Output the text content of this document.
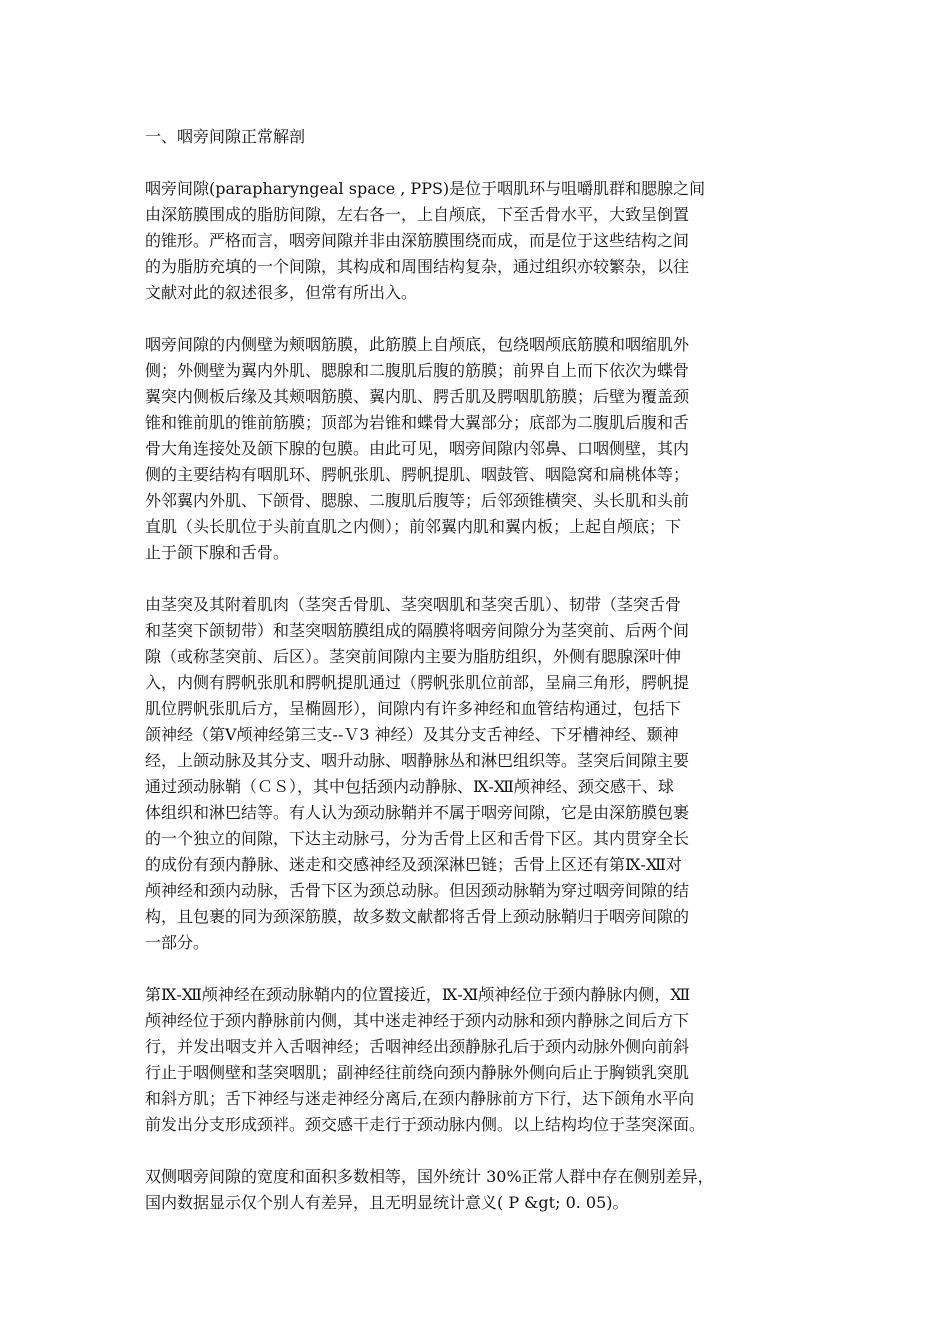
一、咽旁间隙正常解剖
咽旁间隙(parapharyngeal space , PPS)是位于咽肌环与咀嚼肌群和腮腺之间
由深筋膜围成的脂肪间隙，左右各一，上自颅底，下至舌骨水平，大致呈倒置
的锥形。严格而言，咽旁间隙并非由深筋膜围绕而成，而是位于这些结构之间
的为脂肪充填的一个间隙，其构成和周围结构复杂，通过组织亦较繁杂，以往
文献对此的叙述很多，但常有所出入。
咽旁间隙的内侧壁为颊咽筋膜，此筋膜上自颅底，包绕咽颅底筋膜和咽缩肌外
侧；外侧壁为翼内外肌、腮腺和二腹肌后腹的筋膜；前界自上而下依次为蝶骨
翼突内侧板后缘及其颊咽筋膜、翼内肌、腭舌肌及腭咽肌筋膜；后壁为覆盖颈
锥和锥前肌的锥前筋膜；顶部为岩锥和蝶骨大翼部分；底部为二腹肌后腹和舌
骨大角连接处及颌下腺的包膜。由此可见，咽旁间隙内邻鼻、口咽侧壁，其内
侧的主要结构有咽肌环、腭帆张肌、腭帆提肌、咽鼓管、咽隐窝和扁桃体等；
外邻翼内外肌、下颌骨、腮腺、二腹肌后腹等；后邻颈锥横突、头长肌和头前
直肌（头长肌位于头前直肌之内侧）；前邻翼内肌和翼内板；上起自颅底；下
止于颌下腺和舌骨。
由茎突及其附着肌肉（茎突舌骨肌、茎突咽肌和茎突舌肌）、韧带（茎突舌骨
和茎突下颌韧带）和茎突咽筋膜组成的隔膜将咽旁间隙分为茎突前、后两个间
隙（或称茎突前、后区）。茎突前间隙内主要为脂肪组织，外侧有腮腺深叶伸
入，内侧有腭帆张肌和腭帆提肌通过（腭帆张肌位前部，呈扁三角形，腭帆提
肌位腭帆张肌后方，呈椭圆形），间隙内有许多神经和血管结构通过，包括下
颌神经（第Ⅴ颅神经第三支--Ｖ3 神经）及其分支舌神经、下牙槽神经、颞神
经，上颌动脉及其分支、咽升动脉、咽静脉丛和淋巴组织等。茎突后间隙主要
通过颈动脉鞘（ＣＳ），其中包括颈内动静脉、Ⅸ-Ⅻ颅神经、颈交感干、球
体组织和淋巴结等。有人认为颈动脉鞘并不属于咽旁间隙，它是由深筋膜包裹
的一个独立的间隙，下达主动脉弓，分为舌骨上区和舌骨下区。其内贯穿全长
的成份有颈内静脉、迷走和交感神经及颈深淋巴链；舌骨上区还有第Ⅸ-Ⅻ对
颅神经和颈内动脉，舌骨下区为颈总动脉。但因颈动脉鞘为穿过咽旁间隙的结
构，且包裹的同为颈深筋膜，故多数文献都将舌骨上颈动脉鞘归于咽旁间隙的
一部分。
第Ⅸ-Ⅻ颅神经在颈动脉鞘内的位置接近，Ⅸ-Ⅺ颅神经位于颈内静脉内侧，Ⅻ
颅神经位于颈内静脉前内侧，其中迷走神经于颈内动脉和颈内静脉之间后方下
行，并发出咽支并入舌咽神经；舌咽神经出颈静脉孔后于颈内动脉外侧向前斜
行止于咽侧壁和茎突咽肌；副神经往前绕向颈内静脉外侧向后止于胸锁乳突肌
和斜方肌；舌下神经与迷走神经分离后,在颈内静脉前方下行，达下颌角水平向
前发出分支形成颈袢。颈交感干走行于颈动脉内侧。以上结构均位于茎突深面。
双侧咽旁间隙的宽度和面积多数相等，国外统计 30%正常人群中存在侧别差异，
国内数据显示仅个别人有差异，且无明显统计意义( P &gt; 0. 05)。
